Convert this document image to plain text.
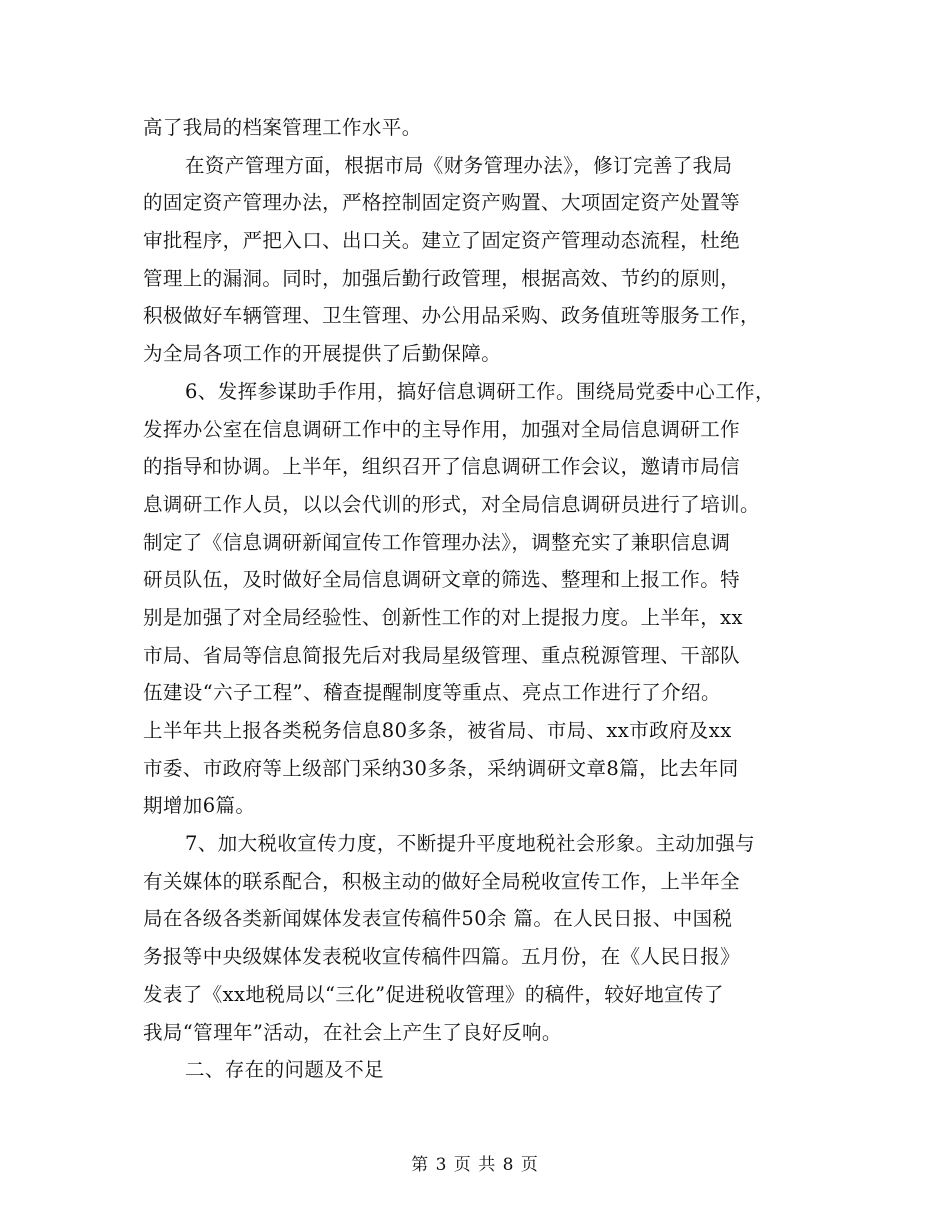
高了我局的档案管理工作水平。
在资产管理方面，根据市局《财务管理办法》，修订完善了我局
的固定资产管理办法，严格控制固定资产购置、大项固定资产处置等
审批程序，严把入口、出口关。建立了固定资产管理动态流程，杜绝
管理上的漏洞。同时，加强后勤行政管理，根据高效、节约的原则，
积极做好车辆管理、卫生管理、办公用品采购、政务值班等服务工作，
为全局各项工作的开展提供了后勤保障。
6、发挥参谋助手作用，搞好信息调研工作。围绕局党委中心工作，
发挥办公室在信息调研工作中的主导作用，加强对全局信息调研工作
的指导和协调。上半年，组织召开了信息调研工作会议，邀请市局信
息调研工作人员，以以会代训的形式，对全局信息调研员进行了培训。
制定了《信息调研新闻宣传工作管理办法》，调整充实了兼职信息调
研员队伍，及时做好全局信息调研文章的筛选、整理和上报工作。特
别是加强了对全局经验性、创新性工作的对上提报力度。上半年，xx
市局、省局等信息简报先后对我局星级管理、重点税源管理、干部队
伍建设“六子工程”、稽查提醒制度等重点、亮点工作进行了介绍。
上半年共上报各类税务信息80多条，被省局、市局、xx市政府及xx
市委、市政府等上级部门采纳30多条，采纳调研文章8篇，比去年同
期增加6篇。
7、加大税收宣传力度，不断提升平度地税社会形象。主动加强与
有关媒体的联系配合，积极主动的做好全局税收宣传工作，上半年全
局在各级各类新闻媒体发表宣传稿件50余 篇。在人民日报、中国税
务报等中央级媒体发表税收宣传稿件四篇。五月份，在《人民日报》
发表了《xx地税局以“三化”促进税收管理》的稿件，较好地宣传了
我局“管理年”活动，在社会上产生了良好反响。
二、存在的问题及不足
第 3 页 共 8 页
